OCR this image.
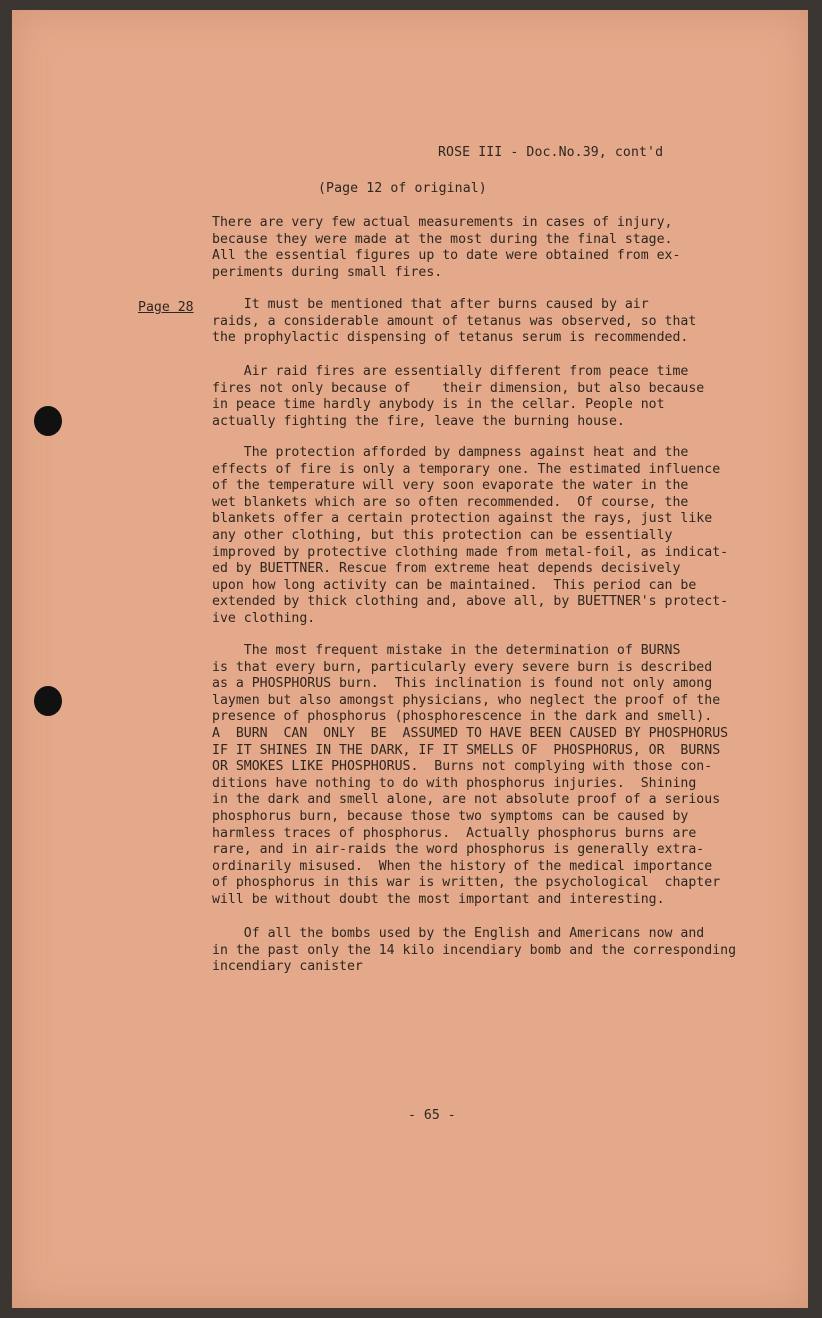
ROSE III - Doc.No.39, cont'd
(Page 12 of original)
Page 28
There are very few actual measurements in cases of injury,
because they were made at the most during the final stage.
All the essential figures up to date were obtained from ex-
periments during small fires.
It must be mentioned that after burns caused by air
raids, a considerable amount of tetanus was observed, so that
the prophylactic dispensing of tetanus serum is recommended.
Air raid fires are essentially different from peace time
fires not only because of    their dimension, but also because
in peace time hardly anybody is in the cellar. People not
actually fighting the fire, leave the burning house.
The protection afforded by dampness against heat and the
effects of fire is only a temporary one. The estimated influence
of the temperature will very soon evaporate the water in the
wet blankets which are so often recommended.  Of course, the
blankets offer a certain protection against the rays, just like
any other clothing, but this protection can be essentially
improved by protective clothing made from metal-foil, as indicat-
ed by BUETTNER. Rescue from extreme heat depends decisively
upon how long activity can be maintained.  This period can be
extended by thick clothing and, above all, by BUETTNER's protect-
ive clothing.
The most frequent mistake in the determination of BURNS
is that every burn, particularly every severe burn is described
as a PHOSPHORUS burn.  This inclination is found not only among
laymen but also amongst physicians, who neglect the proof of the
presence of phosphorus (phosphorescence in the dark and smell).
A  BURN  CAN  ONLY  BE  ASSUMED TO HAVE BEEN CAUSED BY PHOSPHORUS
IF IT SHINES IN THE DARK, IF IT SMELLS OF  PHOSPHORUS, OR  BURNS
OR SMOKES LIKE PHOSPHORUS.  Burns not complying with those con-
ditions have nothing to do with phosphorus injuries.  Shining
in the dark and smell alone, are not absolute proof of a serious
phosphorus burn, because those two symptoms can be caused by
harmless traces of phosphorus.  Actually phosphorus burns are
rare, and in air-raids the word phosphorus is generally extra-
ordinarily misused.  When the history of the medical importance
of phosphorus in this war is written, the psychological  chapter
will be without doubt the most important and interesting.
Of all the bombs used by the English and Americans now and
in the past only the 14 kilo incendiary bomb and the corresponding
incendiary canister
- 65 -
